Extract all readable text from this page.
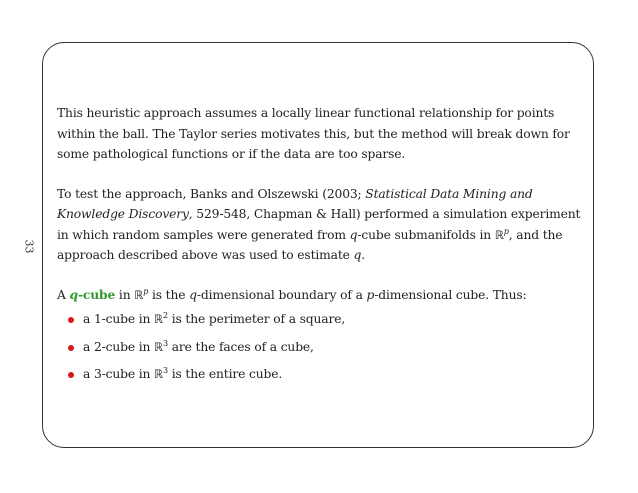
33

This heuristic approach assumes a locally linear functional relationship for points within the ball. The Taylor series motivates this, but the method will break down for some pathological functions or if the data are too sparse.

To test the approach, Banks and Olszewski (2003; Statistical Data Mining and Knowledge Discovery, 529-548, Chapman & Hall) performed a simulation experiment in which random samples were generated from q-cube submanifolds in ℝ$^p$, and the approach described above was used to estimate q.

A q-cube in ℝ$^p$ is the q-dimensional boundary of a p-dimensional cube. Thus:

a 1-cube in ℝ$^2$ is the perimeter of a square,
a 2-cube in ℝ$^3$ are the faces of a cube,
a 3-cube in ℝ$^3$ is the entire cube.
